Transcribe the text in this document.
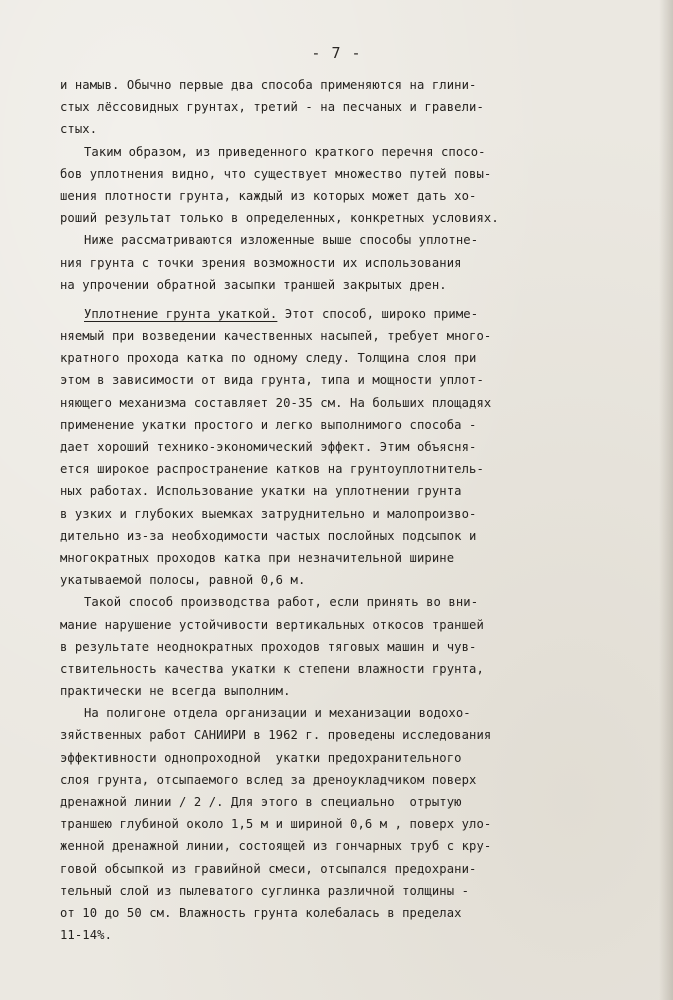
- 7 -
и намыв. Обычно первые два способа применяются на глини-
стых лёссовидных грунтах, третий - на песчаных и гравели-
стых.
Таким образом, из приведенного краткого перечня спосо-
бов уплотнения видно, что существует множество путей повы-
шения плотности грунта, каждый из которых может дать хо-
роший результат только в определенных, конкретных условиях.
Ниже рассматриваются изложенные выше способы уплотне-
ния грунта с точки зрения возможности их использования
на упрочении обратной засыпки траншей закрытых дрен.
Уплотнение грунта укаткой. Этот способ, широко приме-
няемый при возведении качественных насыпей, требует много-
кратного прохода катка по одному следу. Толщина слоя при
этом в зависимости от вида грунта, типа и мощности уплот-
няющего механизма составляет 20-35 см. На больших площадях
применение укатки простого и легко выполнимого способа -
дает хороший технико-экономический эффект. Этим объясня-
ется широкое распространение катков на грунтоуплотнитель-
ных работах. Использование укатки на уплотнении грунта
в узких и глубоких выемках затруднительно и малопроизво-
дительно из-за необходимости частых послойных подсыпок и
многократных проходов катка при незначительной ширине
укатываемой полосы, равной 0,6 м.
Такой способ производства работ, если принять во вни-
мание нарушение устойчивости вертикальных откосов траншей
в результате неоднократных проходов тяговых машин и чув-
ствительность качества укатки к степени влажности грунта,
практически не всегда выполним.
На полигоне отдела организации и механизации водохо-
зяйственных работ САНИИРИ в 1962 г. проведены исследования
эффективности однопроходной  укатки предохранительного
слоя грунта, отсыпаемого вслед за дреноукладчиком поверх
дренажной линии / 2 /. Для этого в специально  отрытую
траншею глубиной около 1,5 м и шириной 0,6 м , поверх уло-
женной дренажной линии, состоящей из гончарных труб с кру-
говой обсыпкой из гравийной смеси, отсыпался предохрани-
тельный слой из пылеватого суглинка различной толщины -
от 10 до 50 см. Влажность грунта колебалась в пределах
11-14%.
